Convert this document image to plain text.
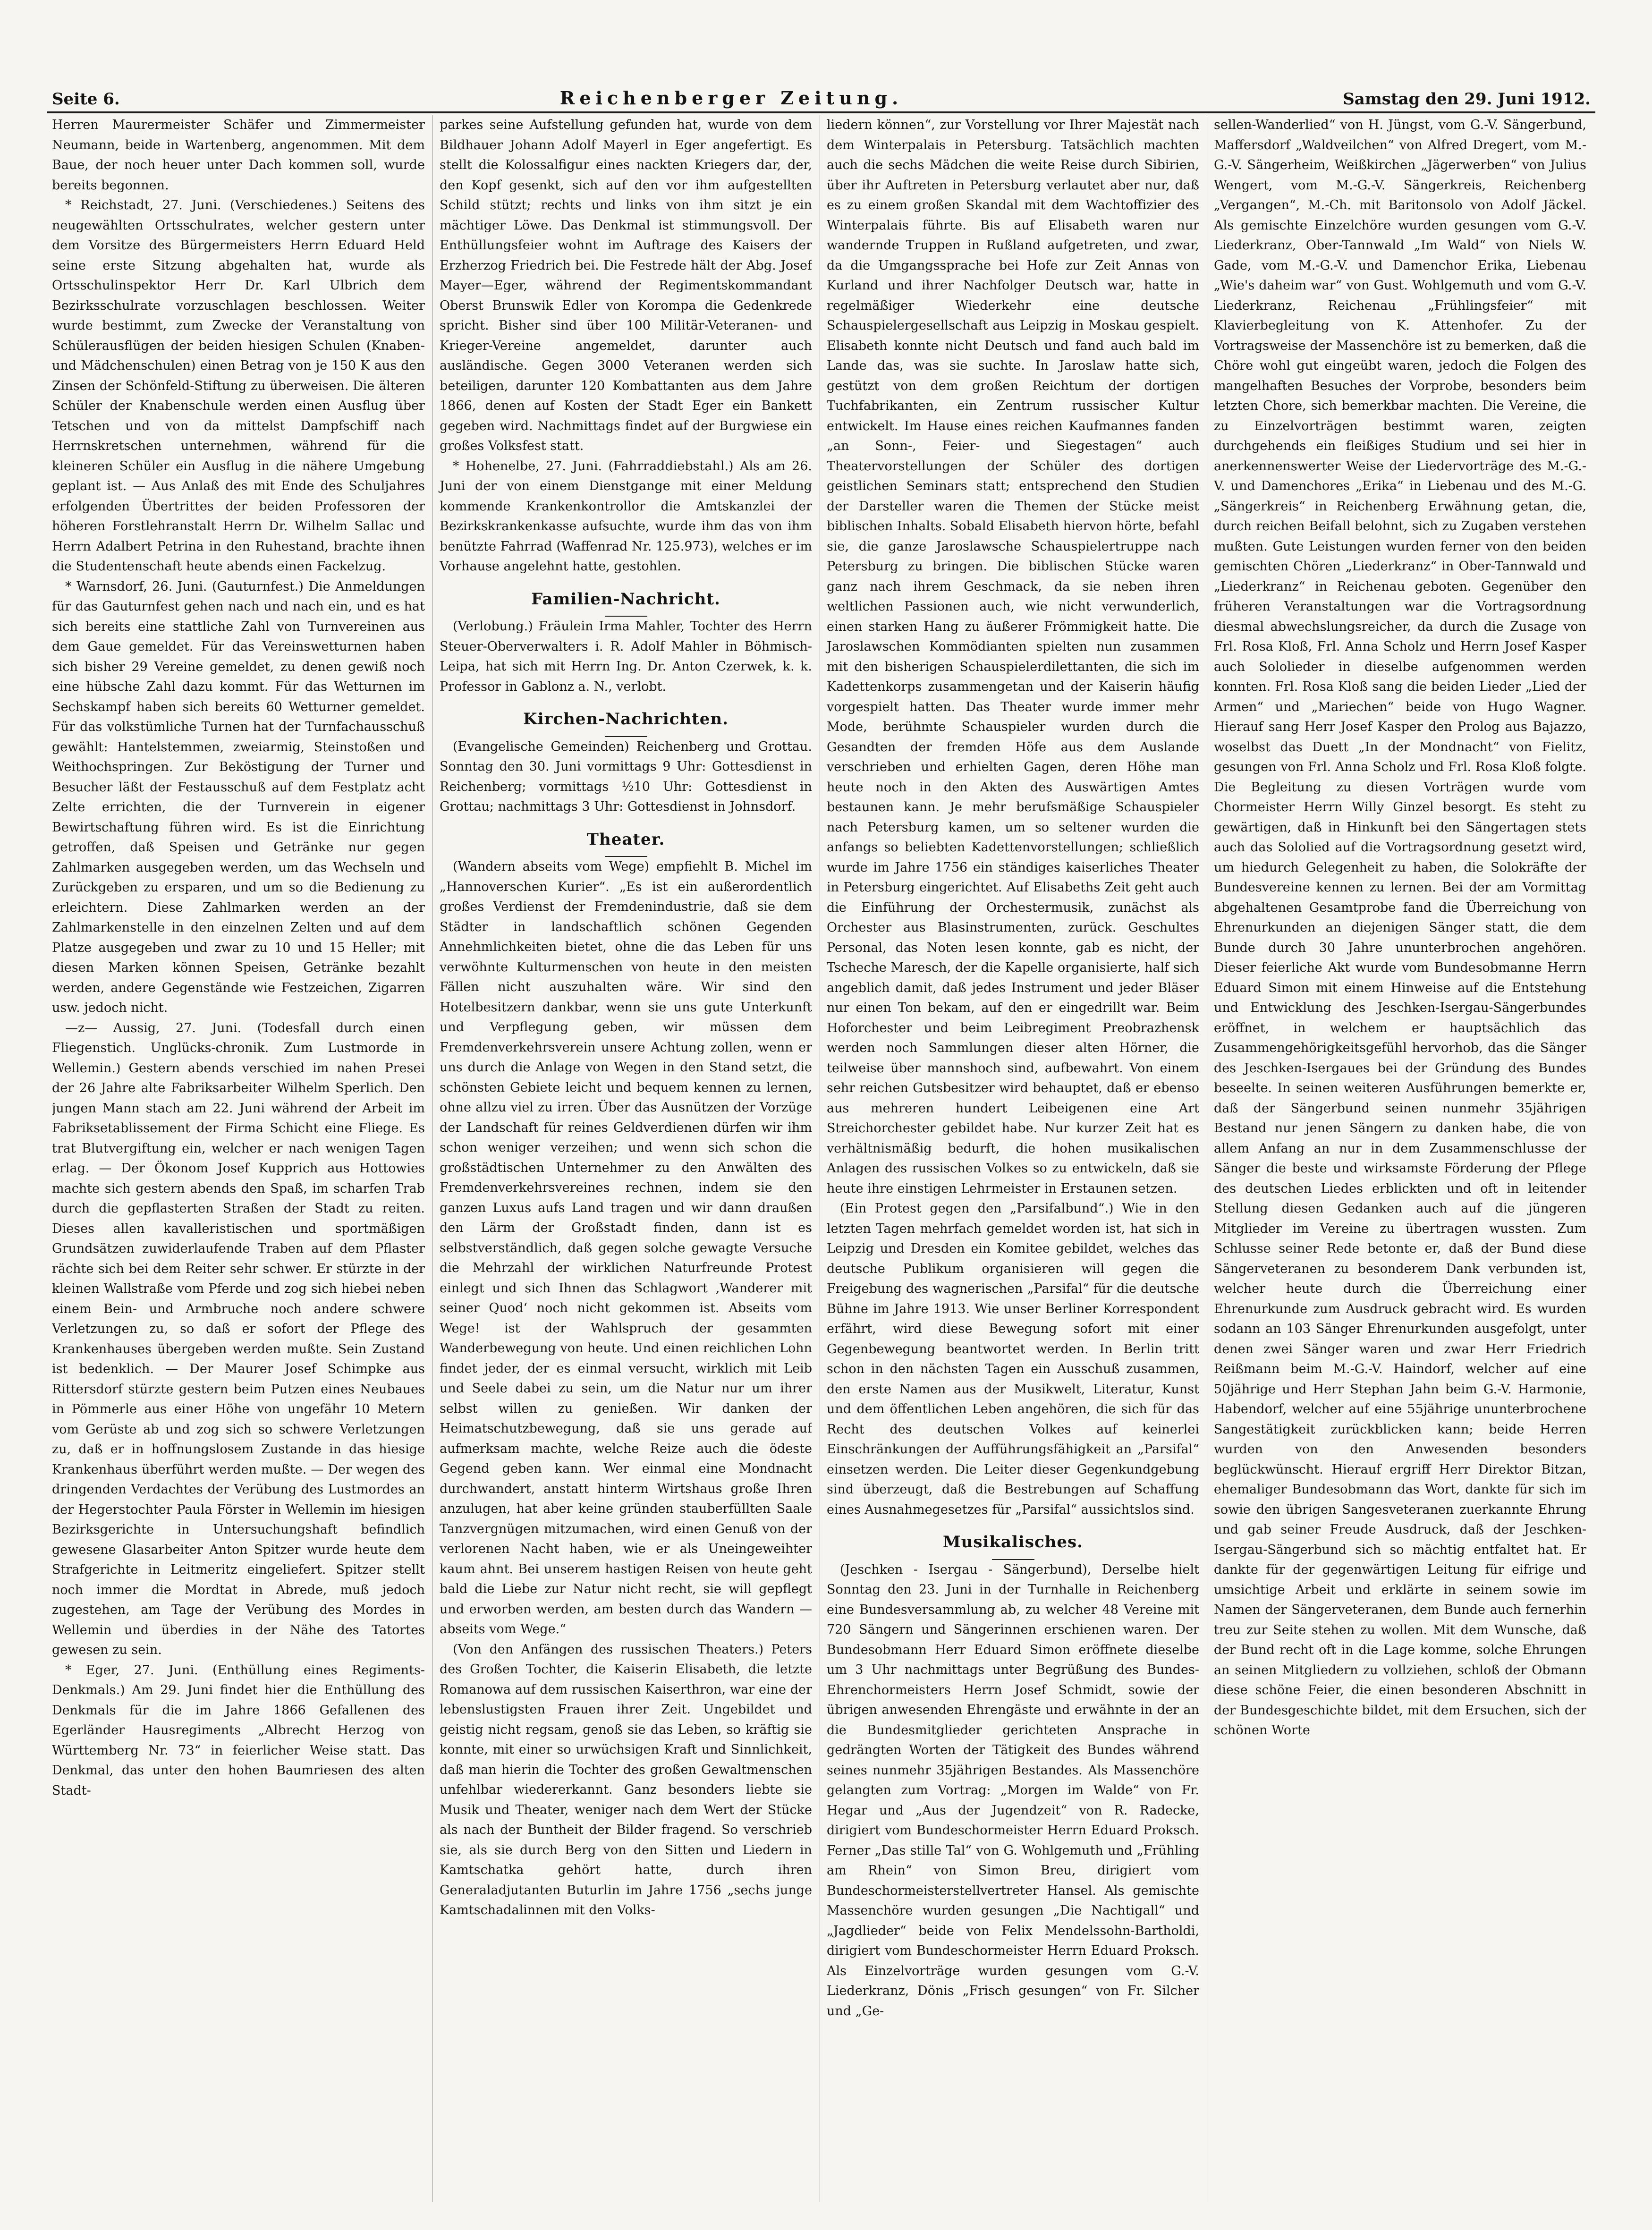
Seite 6.	Reichenberger Zeitung.	Samstag den 29. Juni 1912.

Herren Maurermeister Schäfer und Zimmermeister Neumann, beide in Wartenberg, angenommen. Mit dem Baue, der noch heuer unter Dach kommen soll, wurde bereits begonnen.

* Reichstadt, 27. Juni. (Verschiedenes.) Seitens des neugewählten Ortsschulrates, welcher gestern unter dem Vorsitze des Bürgermeisters Herrn Eduard Held seine erste Sitzung abgehalten hat, wurde als Ortsschulinspektor Herr Dr. Karl Ulbrich dem Bezirksschulrate vorzuschlagen beschlossen. Weiter wurde bestimmt, zum Zwecke der Veranstaltung von Schülerausflügen der beiden hiesigen Schulen (Knaben- und Mädchenschulen) einen Betrag von je 150 K aus den Zinsen der Schönfeld-Stiftung zu überweisen. Die älteren Schüler der Knabenschule werden einen Ausflug über Tetschen und von da mittelst Dampfschiff nach Herrnskretschen unternehmen, während für die kleineren Schüler ein Ausflug in die nähere Umgebung geplant ist. — Aus Anlaß des mit Ende des Schuljahres erfolgenden Übertrittes der beiden Professoren der höheren Forstlehranstalt Herrn Dr. Wilhelm Sallac und Herrn Adalbert Petrina in den Ruhestand, brachte ihnen die Studentenschaft heute abends einen Fackelzug.

* Warnsdorf, 26. Juni. (Gauturnfest.) Die Anmeldungen für das Gauturnfest gehen nach und nach ein, und es hat sich bereits eine stattliche Zahl von Turnvereinen aus dem Gaue gemeldet. Für das Vereinswetturnen haben sich bisher 29 Vereine gemeldet, zu denen gewiß noch eine hübsche Zahl dazu kommt. Für das Wetturnen im Sechskampf haben sich bereits 60 Wetturner gemeldet. Für das volkstümliche Turnen hat der Turnfachausschuß gewählt: Hantelstemmen, zweiarmig, Steinstoßen und Weithochspringen. Zur Beköstigung der Turner und Besucher läßt der Festausschuß auf dem Festplatz acht Zelte errichten, die der Turnverein in eigener Bewirtschaftung führen wird. Es ist die Einrichtung getroffen, daß Speisen und Getränke nur gegen Zahlmarken ausgegeben werden, um das Wechseln und Zurückgeben zu ersparen, und um so die Bedienung zu erleichtern. Diese Zahlmarken werden an der Zahlmarkenstelle in den einzelnen Zelten und auf dem Platze ausgegeben und zwar zu 10 und 15 Heller; mit diesen Marken können Speisen, Getränke bezahlt werden, andere Gegenstände wie Festzeichen, Zigarren usw. jedoch nicht.

—z— Aussig, 27. Juni. (Todesfall durch einen Fliegenstich. Unglücks-chronik. Zum Lustmorde in Wellemin.) Gestern abends verschied im nahen Presei der 26 Jahre alte Fabriksarbeiter Wilhelm Sperlich. Den jungen Mann stach am 22. Juni während der Arbeit im Fabriksetablissement der Firma Schicht eine Fliege. Es trat Blutvergiftung ein, welcher er nach wenigen Tagen erlag. — Der Ökonom Josef Kupprich aus Hottowies machte sich gestern abends den Spaß, im scharfen Trab durch die gepflasterten Straßen der Stadt zu reiten. Dieses allen kavalleristischen und sportmäßigen Grundsätzen zuwiderlaufende Traben auf dem Pflaster rächte sich bei dem Reiter sehr schwer. Er stürzte in der kleinen Wallstraße vom Pferde und zog sich hiebei neben einem Bein- und Armbruche noch andere schwere Verletzungen zu, so daß er sofort der Pflege des Krankenhauses übergeben werden mußte. Sein Zustand ist bedenklich. — Der Maurer Josef Schimpke aus Rittersdorf stürzte gestern beim Putzen eines Neubaues in Pömmerle aus einer Höhe von ungefähr 10 Metern vom Gerüste ab und zog sich so schwere Verletzungen zu, daß er in hoffnungslosem Zustande in das hiesige Krankenhaus überführt werden mußte. — Der wegen des dringenden Verdachtes der Verübung des Lustmordes an der Hegerstochter Paula Förster in Wellemin im hiesigen Bezirksgerichte in Untersuchungshaft befindlich gewesene Glasarbeiter Anton Spitzer wurde heute dem Strafgerichte in Leitmeritz eingeliefert. Spitzer stellt noch immer die Mordtat in Abrede, muß jedoch zugestehen, am Tage der Verübung des Mordes in Wellemin und überdies in der Nähe des Tatortes gewesen zu sein.

* Eger, 27. Juni. (Enthüllung eines Regiments-Denkmals.) Am 29. Juni findet hier die Enthüllung des Denkmals für die im Jahre 1866 Gefallenen des Egerländer Hausregiments „Albrecht Herzog von Württemberg Nr. 73“ in feierlicher Weise statt. Das Denkmal, das unter den hohen Baumriesen des alten Stadt-

parkes seine Aufstellung gefunden hat, wurde von dem Bildhauer Johann Adolf Mayerl in Eger angefertigt. Es stellt die Kolossalfigur eines nackten Kriegers dar, der, den Kopf gesenkt, sich auf den vor ihm aufgestellten Schild stützt; rechts und links von ihm sitzt je ein mächtiger Löwe. Das Denkmal ist stimmungsvoll. Der Enthüllungsfeier wohnt im Auftrage des Kaisers der Erzherzog Friedrich bei. Die Festrede hält der Abg. Josef Mayer—Eger, während der Regimentskommandant Oberst Brunswik Edler von Korompa die Gedenkrede spricht. Bisher sind über 100 Militär-Veteranen- und Krieger-Vereine angemeldet, darunter auch ausländische. Gegen 3000 Veteranen werden sich beteiligen, darunter 120 Kombattanten aus dem Jahre 1866, denen auf Kosten der Stadt Eger ein Bankett gegeben wird. Nachmittags findet auf der Burgwiese ein großes Volksfest statt.

* Hohenelbe, 27. Juni. (Fahrraddiebstahl.) Als am 26. Juni der von einem Dienstgange mit einer Meldung kommende Krankenkontrollor die Amtskanzlei der Bezirkskrankenkasse aufsuchte, wurde ihm das von ihm benützte Fahrrad (Waffenrad Nr. 125.973), welches er im Vorhause angelehnt hatte, gestohlen.

Familien-Nachricht.

(Verlobung.) Fräulein Irma Mahler, Tochter des Herrn Steuer-Oberverwalters i. R. Adolf Mahler in Böhmisch-Leipa, hat sich mit Herrn Ing. Dr. Anton Czerwek, k. k. Professor in Gablonz a. N., verlobt.

Kirchen-Nachrichten.

(Evangelische Gemeinden) Reichenberg und Grottau. Sonntag den 30. Juni vormittags 9 Uhr: Gottesdienst in Reichenberg; vormittags ½10 Uhr: Gottesdienst in Grottau; nachmittags 3 Uhr: Gottesdienst in Johnsdorf.

Theater.

(Wandern abseits vom Wege) empfiehlt B. Michel im „Hannoverschen Kurier“. „Es ist ein außerordentlich großes Verdienst der Fremdenindustrie, daß sie dem Städter in landschaftlich schönen Gegenden Annehmlichkeiten bietet, ohne die das Leben für uns verwöhnte Kulturmenschen von heute in den meisten Fällen nicht auszuhalten wäre. Wir sind den Hotelbesitzern dankbar, wenn sie uns gute Unterkunft und Verpflegung geben, wir müssen dem Fremdenverkehrsverein unsere Achtung zollen, wenn er uns durch die Anlage von Wegen in den Stand setzt, die schönsten Gebiete leicht und bequem kennen zu lernen, ohne allzu viel zu irren. Über das Ausnützen der Vorzüge der Landschaft für reines Geldverdienen dürfen wir ihm schon weniger verzeihen; und wenn sich schon die großstädtischen Unternehmer zu den Anwälten des Fremdenverkehrsvereines rechnen, indem sie den ganzen Luxus aufs Land tragen und wir dann draußen den Lärm der Großstadt finden, dann ist es selbstverständlich, daß gegen solche gewagte Versuche die Mehrzahl der wirklichen Naturfreunde Protest einlegt und sich Ihnen das Schlagwort ‚Wanderer mit seiner Quod‘ noch nicht gekommen ist. Abseits vom Wege! ist der Wahlspruch der gesammten Wanderbewegung von heute. Und einen reichlichen Lohn findet jeder, der es einmal versucht, wirklich mit Leib und Seele dabei zu sein, um die Natur nur um ihrer selbst willen zu genießen. Wir danken der Heimatschutzbewegung, daß sie uns gerade auf aufmerksam machte, welche Reize auch die ödeste Gegend geben kann. Wer einmal eine Mondnacht durchwandert, anstatt hinterm Wirtshaus große Ihren anzulugen, hat aber keine gründen stauberfüllten Saale Tanzvergnügen mitzumachen, wird einen Genuß von der verlorenen Nacht haben, wie er als Uneingeweihter kaum ahnt. Bei unserem hastigen Reisen von heute geht bald die Liebe zur Natur nicht recht, sie will gepflegt und erworben werden, am besten durch das Wandern — abseits vom Wege.“

(Von den Anfängen des russischen Theaters.) Peters des Großen Tochter, die Kaiserin Elisabeth, die letzte Romanowa auf dem russischen Kaiserthron, war eine der lebenslustigsten Frauen ihrer Zeit. Ungebildet und geistig nicht regsam, genoß sie das Leben, so kräftig sie konnte, mit einer so urwüchsigen Kraft und Sinnlichkeit, daß man hierin die Tochter des großen Gewaltmenschen unfehlbar wiedererkannt. Ganz besonders liebte sie Musik und Theater, weniger nach dem Wert der Stücke als nach der Buntheit der Bilder fragend. So verschrieb sie, als sie durch Berg von den Sitten und Liedern in Kamtschatka gehört hatte, durch ihren Generaladjutanten Buturlin im Jahre 1756 „sechs junge Kamtschadalinnen mit den Volks-

liedern können“, zur Vorstellung vor Ihrer Majestät nach dem Winterpalais in Petersburg. Tatsächlich machten auch die sechs Mädchen die weite Reise durch Sibirien, über ihr Auftreten in Petersburg verlautet aber nur, daß es zu einem großen Skandal mit dem Wachtoffizier des Winterpalais führte. Bis auf Elisabeth waren nur wandernde Truppen in Rußland aufgetreten, und zwar, da die Umgangssprache bei Hofe zur Zeit Annas von Kurland und ihrer Nachfolger Deutsch war, hatte in regelmäßiger Wiederkehr eine deutsche Schauspielergesellschaft aus Leipzig in Moskau gespielt. Elisabeth konnte nicht Deutsch und fand auch bald im Lande das, was sie suchte. In Jaroslaw hatte sich, gestützt von dem großen Reichtum der dortigen Tuchfabrikanten, ein Zentrum russischer Kultur entwickelt. Im Hause eines reichen Kaufmannes fanden „an Sonn-, Feier- und Siegestagen“ auch Theatervorstellungen der Schüler des dortigen geistlichen Seminars statt; entsprechend den Studien der Darsteller waren die Themen der Stücke meist biblischen Inhalts. Sobald Elisabeth hiervon hörte, befahl sie, die ganze Jaroslawsche Schauspielertruppe nach Petersburg zu bringen. Die biblischen Stücke waren ganz nach ihrem Geschmack, da sie neben ihren weltlichen Passionen auch, wie nicht verwunderlich, einen starken Hang zu äußerer Frömmigkeit hatte. Die Jaroslawschen Kommödianten spielten nun zusammen mit den bisherigen Schauspielerdilettanten, die sich im Kadettenkorps zusammengetan und der Kaiserin häufig vorgespielt hatten. Das Theater wurde immer mehr Mode, berühmte Schauspieler wurden durch die Gesandten der fremden Höfe aus dem Auslande verschrieben und erhielten Gagen, deren Höhe man heute noch in den Akten des Auswärtigen Amtes bestaunen kann. Je mehr berufsmäßige Schauspieler nach Petersburg kamen, um so seltener wurden die anfangs so beliebten Kadettenvorstellungen; schließlich wurde im Jahre 1756 ein ständiges kaiserliches Theater in Petersburg eingerichtet. Auf Elisabeths Zeit geht auch die Einführung der Orchestermusik, zunächst als Orchester aus Blasinstrumenten, zurück. Geschultes Personal, das Noten lesen konnte, gab es nicht, der Tscheche Maresch, der die Kapelle organisierte, half sich angeblich damit, daß jedes Instrument und jeder Bläser nur einen Ton bekam, auf den er eingedrillt war. Beim Hoforchester und beim Leibregiment Preobrazhensk werden noch Sammlungen dieser alten Hörner, die teilweise über mannshoch sind, aufbewahrt. Von einem sehr reichen Gutsbesitzer wird behauptet, daß er ebenso aus mehreren hundert Leibeigenen eine Art Streichorchester gebildet habe. Nur kurzer Zeit hat es verhältnismäßig bedurft, die hohen musikalischen Anlagen des russischen Volkes so zu entwickeln, daß sie heute ihre einstigen Lehrmeister in Erstaunen setzen.

(Ein Protest gegen den „Parsifalbund“.) Wie in den letzten Tagen mehrfach gemeldet worden ist, hat sich in Leipzig und Dresden ein Komitee gebildet, welches das deutsche Publikum organisieren will gegen die Freigebung des wagnerischen „Parsifal“ für die deutsche Bühne im Jahre 1913. Wie unser Berliner Korrespondent erfährt, wird diese Bewegung sofort mit einer Gegenbewegung beantwortet werden. In Berlin tritt schon in den nächsten Tagen ein Ausschuß zusammen, den erste Namen aus der Musikwelt, Literatur, Kunst und dem öffentlichen Leben angehören, die sich für das Recht des deutschen Volkes auf keinerlei Einschränkungen der Aufführungsfähigkeit an „Parsifal“ einsetzen werden. Die Leiter dieser Gegenkundgebung sind überzeugt, daß die Bestrebungen auf Schaffung eines Ausnahmegesetzes für „Parsifal“ aussichtslos sind.

Musikalisches.

(Jeschken - Isergau - Sängerbund), Derselbe hielt Sonntag den 23. Juni in der Turnhalle in Reichenberg eine Bundesversammlung ab, zu welcher 48 Vereine mit 720 Sängern und Sängerinnen erschienen waren. Der Bundesobmann Herr Eduard Simon eröffnete dieselbe um 3 Uhr nachmittags unter Begrüßung des Bundes-Ehrenchormeisters Herrn Josef Schmidt, sowie der übrigen anwesenden Ehrengäste und erwähnte in der an die Bundesmitglieder gerichteten Ansprache in gedrängten Worten der Tätigkeit des Bundes während seines nunmehr 35jährigen Bestandes. Als Massenchöre gelangten zum Vortrag: „Morgen im Walde“ von Fr. Hegar und „Aus der Jugendzeit“ von R. Radecke, dirigiert vom Bundeschormeister Herrn Eduard Proksch. Ferner „Das stille Tal“ von G. Wohlgemuth und „Frühling am Rhein“ von Simon Breu, dirigiert vom Bundeschormeisterstellvertreter Hansel. Als gemischte Massenchöre wurden gesungen „Die Nachtigall“ und „Jagdlieder“ beide von Felix Mendelssohn-Bartholdi, dirigiert vom Bundeschormeister Herrn Eduard Proksch. Als Einzelvorträge wurden gesungen vom G.-V. Liederkranz, Dönis „Frisch gesungen“ von Fr. Silcher und „Ge-

sellen-Wanderlied“ von H. Jüngst, vom G.-V. Sängerbund, Maffersdorf „Waldveilchen“ von Alfred Dregert, vom M.-G.-V. Sängerheim, Weißkirchen „Jägerwerben“ von Julius Wengert, vom M.-G.-V. Sängerkreis, Reichenberg „Vergangen“, M.-Ch. mit Baritonsolo von Adolf Jäckel. Als gemischte Einzelchöre wurden gesungen vom G.-V. Liederkranz, Ober-Tannwald „Im Wald“ von Niels W. Gade, vom M.-G.-V. und Damenchor Erika, Liebenau „Wie's daheim war“ von Gust. Wohlgemuth und vom G.-V. Liederkranz, Reichenau „Frühlingsfeier“ mit Klavierbegleitung von K. Attenhofer. Zu der Vortragsweise der Massenchöre ist zu bemerken, daß die Chöre wohl gut eingeübt waren, jedoch die Folgen des mangelhaften Besuches der Vorprobe, besonders beim letzten Chore, sich bemerkbar machten. Die Vereine, die zu Einzelvorträgen bestimmt waren, zeigten durchgehends ein fleißiges Studium und sei hier in anerkennenswerter Weise der Liedervorträge des M.-G.-V. und Damenchores „Erika“ in Liebenau und des M.-G. „Sängerkreis“ in Reichenberg Erwähnung getan, die, durch reichen Beifall belohnt, sich zu Zugaben verstehen mußten. Gute Leistungen wurden ferner von den beiden gemischten Chören „Liederkranz“ in Ober-Tannwald und „Liederkranz“ in Reichenau geboten. Gegenüber den früheren Veranstaltungen war die Vortragsordnung diesmal abwechslungsreicher, da durch die Zusage von Frl. Rosa Kloß, Frl. Anna Scholz und Herrn Josef Kasper auch Sololieder in dieselbe aufgenommen werden konnten. Frl. Rosa Kloß sang die beiden Lieder „Lied der Armen“ und „Mariechen“ beide von Hugo Wagner. Hierauf sang Herr Josef Kasper den Prolog aus Bajazzo, woselbst das Duett „In der Mondnacht“ von Fielitz, gesungen von Frl. Anna Scholz und Frl. Rosa Kloß folgte. Die Begleitung zu diesen Vorträgen wurde vom Chormeister Herrn Willy Ginzel besorgt. Es steht zu gewärtigen, daß in Hinkunft bei den Sängertagen stets auch das Sololied auf die Vortragsordnung gesetzt wird, um hiedurch Gelegenheit zu haben, die Solokräfte der Bundesvereine kennen zu lernen. Bei der am Vormittag abgehaltenen Gesamtprobe fand die Überreichung von Ehrenurkunden an diejenigen Sänger statt, die dem Bunde durch 30 Jahre ununterbrochen angehören. Dieser feierliche Akt wurde vom Bundesobmanne Herrn Eduard Simon mit einem Hinweise auf die Entstehung und Entwicklung des Jeschken-Isergau-Sängerbundes eröffnet, in welchem er hauptsächlich das Zusammengehörigkeitsgefühl hervorhob, das die Sänger des Jeschken-Isergaues bei der Gründung des Bundes beseelte. In seinen weiteren Ausführungen bemerkte er, daß der Sängerbund seinen nunmehr 35jährigen Bestand nur jenen Sängern zu danken habe, die von allem Anfang an nur in dem Zusammenschlusse der Sänger die beste und wirksamste Förderung der Pflege des deutschen Liedes erblickten und oft in leitender Stellung diesen Gedanken auch auf die jüngeren Mitglieder im Vereine zu übertragen wussten. Zum Schlusse seiner Rede betonte er, daß der Bund diese Sängerveteranen zu besonderem Dank verbunden ist, welcher heute durch die Überreichung einer Ehrenurkunde zum Ausdruck gebracht wird. Es wurden sodann an 103 Sänger Ehrenurkunden ausgefolgt, unter denen zwei Sänger waren und zwar Herr Friedrich Reißmann beim M.-G.-V. Haindorf, welcher auf eine 50jährige und Herr Stephan Jahn beim G.-V. Harmonie, Habendorf, welcher auf eine 55jährige ununterbrochene Sangestätigkeit zurückblicken kann; beide Herren wurden von den Anwesenden besonders beglückwünscht. Hierauf ergriff Herr Direktor Bitzan, ehemaliger Bundesobmann das Wort, dankte für sich im sowie den übrigen Sangesveteranen zuerkannte Ehrung und gab seiner Freude Ausdruck, daß der Jeschken-Isergau-Sängerbund sich so mächtig entfaltet hat. Er dankte für der gegenwärtigen Leitung für eifrige und umsichtige Arbeit und erklärte in seinem sowie im Namen der Sängerveteranen, dem Bunde auch fernerhin treu zur Seite stehen zu wollen. Mit dem Wunsche, daß der Bund recht oft in die Lage komme, solche Ehrungen an seinen Mitgliedern zu vollziehen, schloß der Obmann diese schöne Feier, die einen besonderen Abschnitt in der Bundesgeschichte bildet, mit dem Ersuchen, sich der schönen Worte
